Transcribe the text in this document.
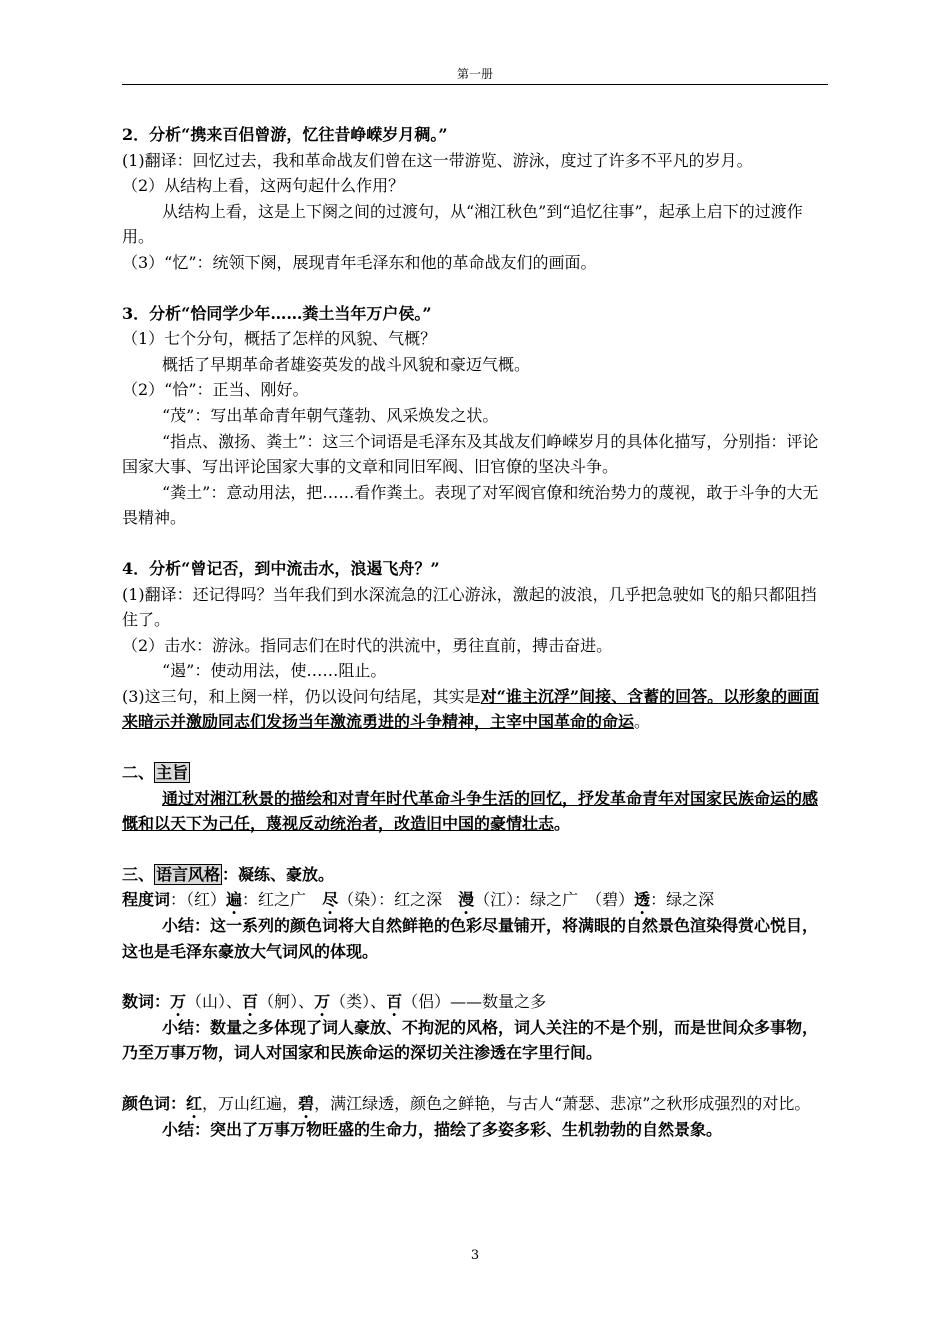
第一册

2．分析“携来百侣曾游，忆往昔峥嵘岁月稠。”

(1)翻译：回忆过去，我和革命战友们曾在这一带游览、游泳，度过了许多不平凡的岁月。

（2）从结构上看，这两句起什么作用？

从结构上看，这是上下阕之间的过渡句，从“湘江秋色”到“追忆往事”，起承上启下的过渡作用。

（3）“忆”：统领下阕，展现青年毛泽东和他的革命战友们的画面。

3．分析“恰同学少年……粪土当年万户侯。”

（1）七个分句，概括了怎样的风貌、气概？

概括了早期革命者雄姿英发的战斗风貌和豪迈气概。

（2）“恰”：正当、刚好。

“茂”：写出革命青年朝气蓬勃、风采焕发之状。

“指点、激扬、粪土”：这三个词语是毛泽东及其战友们峥嵘岁月的具体化描写，分别指：评论国家大事、写出评论国家大事的文章和同旧军阀、旧官僚的坚决斗争。

“粪土”：意动用法，把……看作粪土。表现了对军阀官僚和统治势力的蔑视，敢于斗争的大无畏精神。

4．分析“曾记否，到中流击水，浪遏飞舟？”

(1)翻译：还记得吗？当年我们到水深流急的江心游泳，激起的波浪，几乎把急驶如飞的船只都阻挡住了。

（2）击水：游泳。指同志们在时代的洪流中，勇往直前，搏击奋进。

“遏”：使动用法，使……阻止。

(3)这三句，和上阕一样，仍以设问句结尾，其实是对“谁主沉浮”间接、含蓄的回答。以形象的画面来暗示并激励同志们发扬当年激流勇进的斗争精神，主宰中国革命的命运。

二、 主旨

通过对湘江秋景的描绘和对青年时代革命斗争生活的回忆，抒发革命青年对国家民族命运的感慨和以天下为己任，蔑视反动统治者，改造旧中国的豪情壮志。

三、 语言风格 ：凝练、豪放。

程度词：（红）遍：红之广　尽（染）：红之深　漫（江）：绿之广　（碧）透：绿之深

小结：这一系列的颜色词将大自然鲜艳的色彩尽量铺开，将满眼的自然景色渲染得赏心悦目，这也是毛泽东豪放大气词风的体现。

数词：万（山）、百（舸）、万（类）、百（侣）——数量之多

小结：数量之多体现了词人豪放、不拘泥的风格，词人关注的不是个别，而是世间众多事物，乃至万事万物，词人对国家和民族命运的深切关注渗透在字里行间。

颜色词：红，万山红遍，碧，满江绿透，颜色之鲜艳，与古人“萧瑟、悲凉”之秋形成强烈的对比。

小结：突出了万事万物旺盛的生命力，描绘了多姿多彩、生机勃勃的自然景象。

3
